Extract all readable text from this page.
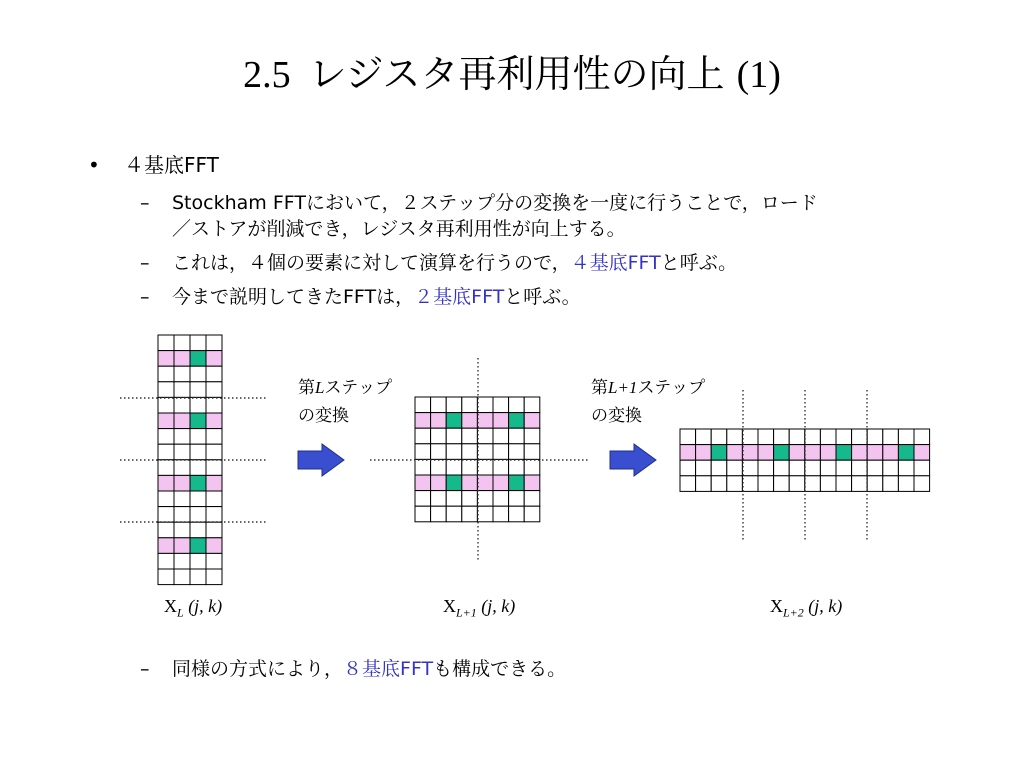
2.5 レジスタ再利用性の向上 (1)
• ４基底FFT
– Stockham FFTにおいて，２ステップ分の変換を一度に行うことで，ロード
／ストアが削減でき，レジスタ再利用性が向上する。
– これは，４個の要素に対して演算を行うので，４基底FFTと呼ぶ。
– 今まで説明してきたFFTは，２基底FFTと呼ぶ。
第Lステップ
の変換
第L+1ステップ
の変換
$X_L$ (j, k)	$X_{L+1}$ (j, k)	$X_{L+2}$ (j, k)
– 同様の方式により，８基底FFTも構成できる。
